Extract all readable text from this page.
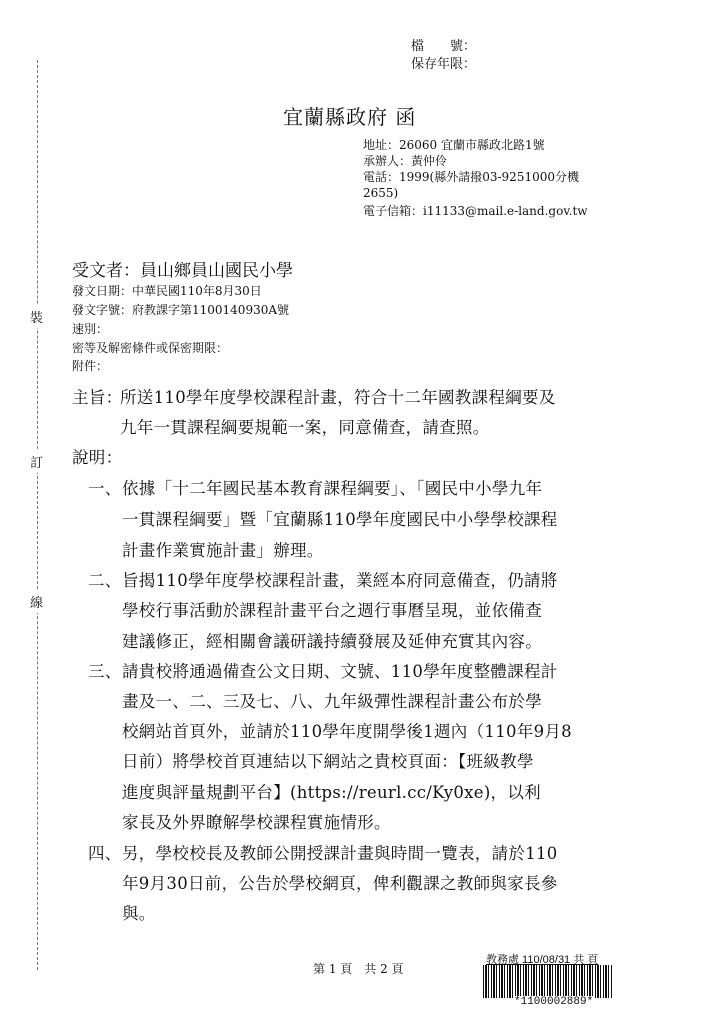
裝
訂
線
檔　　號：
保存年限：
宜蘭縣政府 函
地址：26060 宜蘭市縣政北路1號
承辦人：黃仲伶
電話：1999(縣外請撥03-9251000分機
2655)
電子信箱：i11133@mail.e-land.gov.tw
受文者：員山鄉員山國民小學
發文日期：中華民國110年8月30日
發文字號：府教課字第1100140930A號
速別：
密等及解密條件或保密期限：
附件：
主旨：
所送110學年度學校課程計畫，符合十二年國教課程綱要及
九年一貫課程綱要規範一案，同意備查，請查照。
說明：
一、 依據「十二年國民基本教育課程綱要」、「國民中小學九年
一貫課程綱要」暨「宜蘭縣110學年度國民中小學學校課程
計畫作業實施計畫」辦理。
二、 旨揭110學年度學校課程計畫，業經本府同意備查，仍請將
學校行事活動於課程計畫平台之週行事曆呈現，並依備查
建議修正，經相關會議研議持續發展及延伸充實其內容。
三、 請貴校將通過備查公文日期、文號、110學年度整體課程計
畫及一、二、三及七、八、九年級彈性課程計畫公布於學
校網站首頁外，並請於110學年度開學後1週內（110年9月8
日前）將學校首頁連結以下網站之貴校頁面：【班級教學
進度與評量規劃平台】(https://reurl.cc/Ky0xe)，以利
家長及外界瞭解學校課程實施情形。
四、 另，學校校長及教師公開授課計畫與時間一覽表，請於110
年9月30日前，公告於學校網頁，俾利觀課之教師與家長參
與。
第 1 頁　共 2 頁
教務處 110/08/31 共 頁
*1100002889*
